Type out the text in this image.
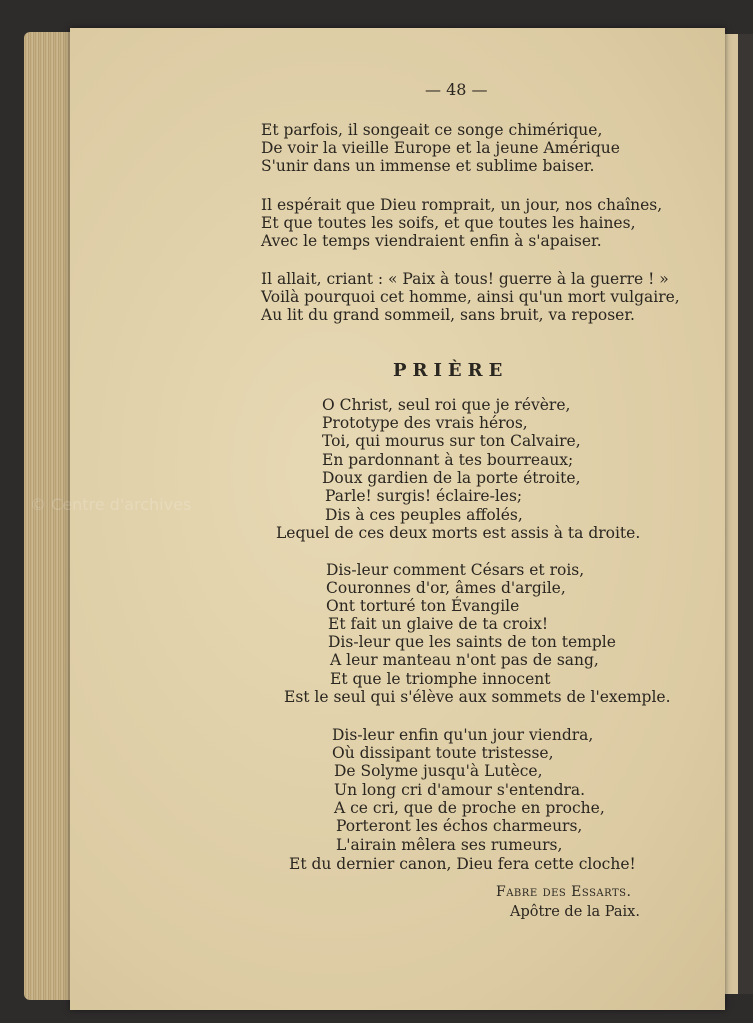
© Centre d'archives
— 48 —
Et parfois, il songeait ce songe chimérique,
De voir la vieille Europe et la jeune Amérique
S'unir dans un immense et sublime baiser.
Il espérait que Dieu romprait, un jour, nos chaînes,
Et que toutes les soifs, et que toutes les haines,
Avec le temps viendraient enfin à s'apaiser.
Il allait, criant : « Paix à tous! guerre à la guerre ! »
Voilà pourquoi cet homme, ainsi qu'un mort vulgaire,
Au lit du grand sommeil, sans bruit, va reposer.
PRIÈRE
O Christ, seul roi que je révère,
Prototype des vrais héros,
Toi, qui mourus sur ton Calvaire,
En pardonnant à tes bourreaux;
Doux gardien de la porte étroite,
Parle! surgis! éclaire-les;
Dis à ces peuples affolés,
Lequel de ces deux morts est assis à ta droite.
Dis-leur comment Césars et rois,
Couronnes d'or, âmes d'argile,
Ont torturé ton Évangile
Et fait un glaive de ta croix!
Dis-leur que les saints de ton temple
A leur manteau n'ont pas de sang,
Et que le triomphe innocent
Est le seul qui s'élève aux sommets de l'exemple.
Dis-leur enfin qu'un jour viendra,
Où dissipant toute tristesse,
De Solyme jusqu'à Lutèce,
Un long cri d'amour s'entendra.
A ce cri, que de proche en proche,
Porteront les échos charmeurs,
L'airain mêlera ses rumeurs,
Et du dernier canon, Dieu fera cette cloche!
Fabre des Essarts.
Apôtre de la Paix.
